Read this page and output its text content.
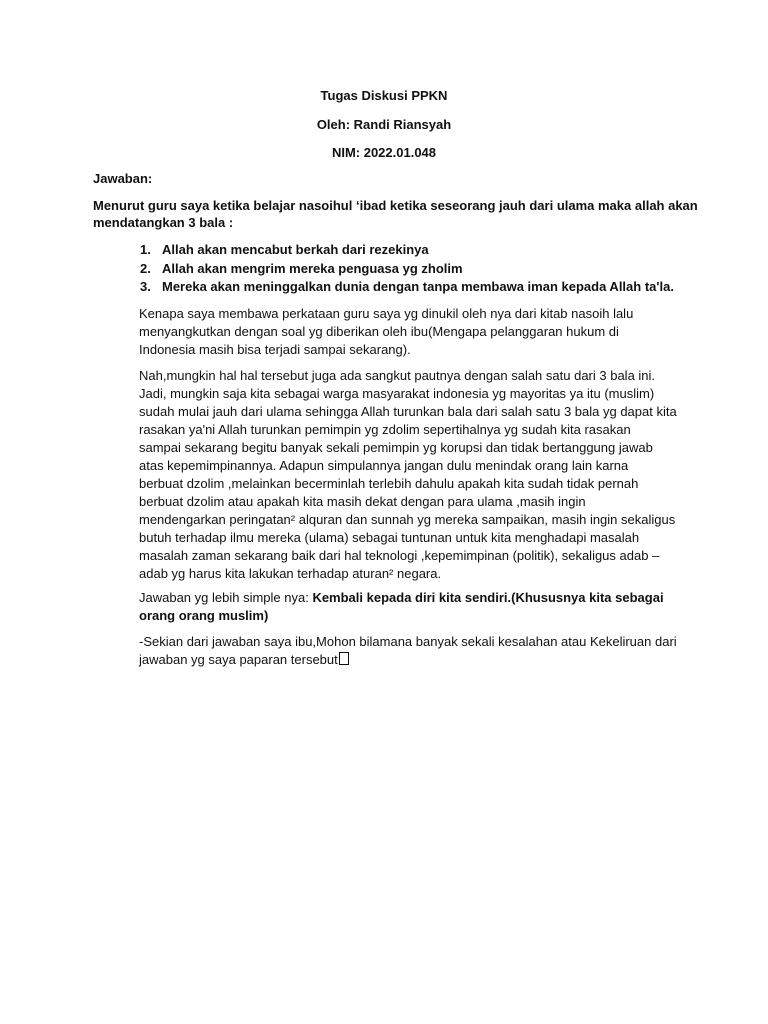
Tugas Diskusi PPKN
Oleh: Randi Riansyah
NIM: 2022.01.048
Jawaban:
Menurut guru saya ketika belajar nasoihul ‘ibad ketika seseorang jauh dari ulama maka allah akan
mendatangkan 3 bala :
1. Allah akan mencabut berkah dari rezekinya
2. Allah akan mengrim mereka penguasa yg zholim
3. Mereka akan meninggalkan dunia dengan tanpa membawa iman kepada Allah ta'la.
Kenapa saya membawa perkataan guru saya yg dinukil oleh nya dari kitab nasoih lalu
menyangkutkan dengan soal yg diberikan oleh ibu(Mengapa pelanggaran hukum di
Indonesia masih bisa terjadi sampai sekarang).
Nah,mungkin hal hal tersebut juga ada sangkut pautnya dengan salah satu dari 3 bala ini.
Jadi, mungkin saja kita sebagai warga masyarakat indonesia yg mayoritas ya itu (muslim)
sudah mulai jauh dari ulama sehingga Allah turunkan bala dari salah satu 3 bala yg dapat kita
rasakan ya'ni Allah turunkan pemimpin yg zdolim sepertihalnya yg sudah kita rasakan
sampai sekarang begitu banyak sekali pemimpin yg korupsi dan tidak bertanggung jawab
atas kepemimpinannya. Adapun simpulannya jangan dulu menindak orang lain karna
berbuat dzolim ,melainkan becerminlah terlebih dahulu apakah kita sudah tidak pernah
berbuat dzolim atau apakah kita masih dekat dengan para ulama ,masih ingin
mendengarkan peringatan² alquran dan sunnah yg mereka sampaikan, masih ingin sekaligus
butuh terhadap ilmu mereka (ulama) sebagai tuntunan untuk kita menghadapi masalah
masalah zaman sekarang baik dari hal teknologi ,kepemimpinan (politik), sekaligus adab –
adab yg harus kita lakukan terhadap aturan² negara.
Jawaban yg lebih simple nya: Kembali kepada diri kita sendiri.(Khususnya kita sebagai
orang orang muslim)
-Sekian dari jawaban saya ibu,Mohon bilamana banyak sekali kesalahan atau Kekeliruan dari
jawaban yg saya paparan tersebut
